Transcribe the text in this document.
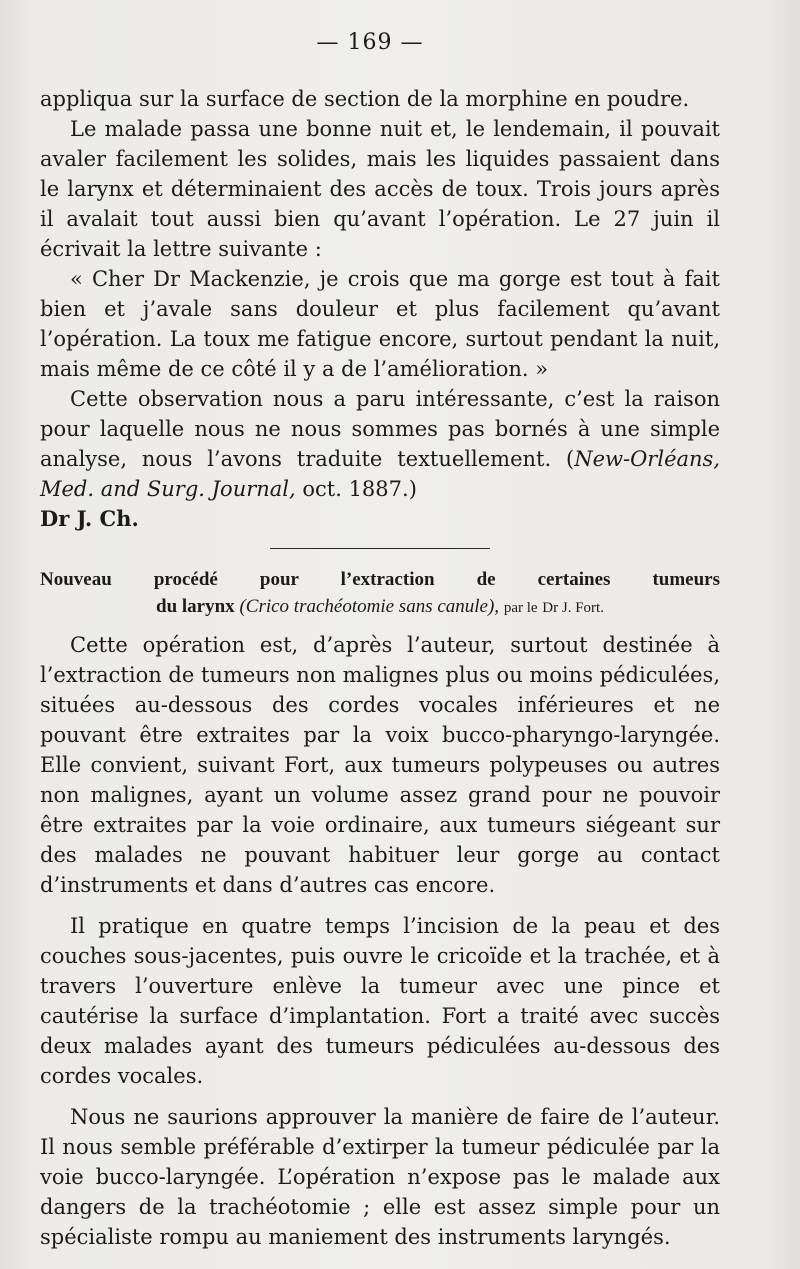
— 169 —

appliqua sur la surface de section de la morphine en poudre.

Le malade passa une bonne nuit et, le lendemain, il pouvait avaler facilement les solides, mais les liquides passaient dans le larynx et déterminaient des accès de toux. Trois jours après il avalait tout aussi bien qu’avant l’opération. Le 27 juin il écrivait la lettre suivante :

« Cher Dr Mackenzie, je crois que ma gorge est tout à fait bien et j’avale sans douleur et plus facilement qu’avant l’opération. La toux me fatigue encore, surtout pendant la nuit, mais même de ce côté il y a de l’amélioration. »

Cette observation nous a paru intéressante, c’est la raison pour laquelle nous ne nous sommes pas bornés à une simple analyse, nous l’avons traduite textuellement. (New-Orléans, Med. and Surg. Journal, oct. 1887.)

Dr J. Ch.

Nouveau procédé pour l’extraction de certaines tumeurs
du larynx (Crico trachéotomie sans canule), par le Dr J. Fort.

Cette opération est, d’après l’auteur, surtout destinée à l’extraction de tumeurs non malignes plus ou moins pédiculées, situées au-dessous des cordes vocales inférieures et ne pouvant être extraites par la voix bucco-pharyngo-laryngée. Elle convient, suivant Fort, aux tumeurs polypeuses ou autres non malignes, ayant un volume assez grand pour ne pouvoir être extraites par la voie ordinaire, aux tumeurs siégeant sur des malades ne pouvant habituer leur gorge au contact d’instruments et dans d’autres cas encore.

Il pratique en quatre temps l’incision de la peau et des couches sous-jacentes, puis ouvre le cricoïde et la trachée, et à travers l’ouverture enlève la tumeur avec une pince et cautérise la surface d’implantation. Fort a traité avec succès deux malades ayant des tumeurs pédiculées au-dessous des cordes vocales.

Nous ne saurions approuver la manière de faire de l’auteur. Il nous semble préférable d’extirper la tumeur pédiculée par la voie bucco-laryngée. L’opération n’expose pas le malade aux dangers de la trachéotomie ; elle est assez simple pour un spécialiste rompu au maniement des instruments laryngés.
